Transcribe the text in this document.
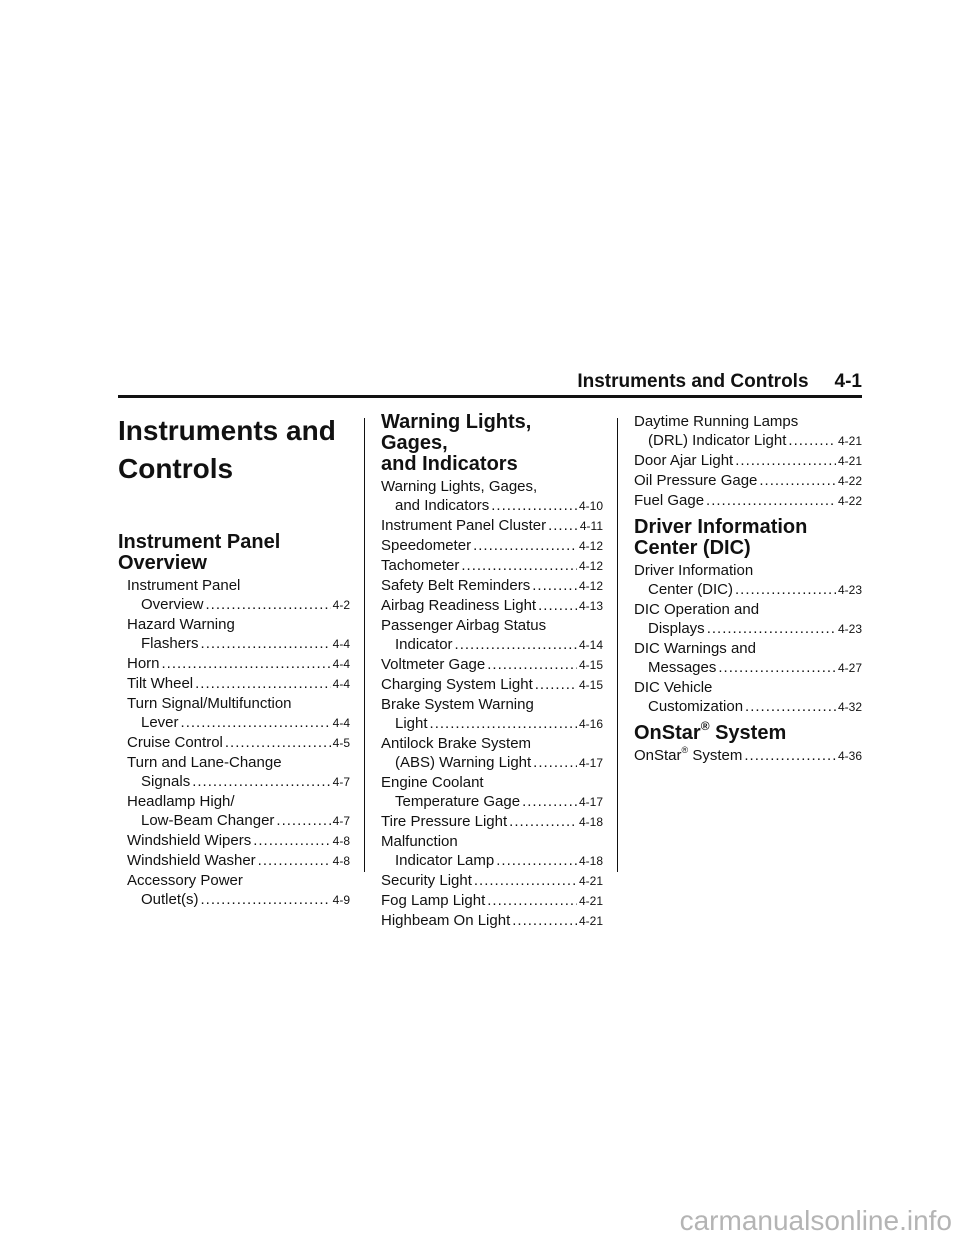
Instruments and Controls 4-1
Instruments and
Controls
Instrument Panel
Overview
Instrument Panel
Overview .....	4-2
Hazard Warning
Flashers .....	4-4
Horn .....	4-4
Tilt Wheel .....	4-4
Turn Signal/Multifunction
Lever .....	4-4
Cruise Control .....	4-5
Turn and Lane-Change
Signals .....	4-7
Headlamp High/
Low-Beam Changer .....	4-7
Windshield Wipers .....	4-8
Windshield Washer .....	4-8
Accessory Power
Outlet(s) .....	4-9
Warning Lights, Gages,
and Indicators
Warning Lights, Gages,
and Indicators .....	4-10
Instrument Panel Cluster .....	4-11
Speedometer .....	4-12
Tachometer .....	4-12
Safety Belt Reminders .....	4-12
Airbag Readiness Light .....	4-13
Passenger Airbag Status
Indicator .....	4-14
Voltmeter Gage .....	4-15
Charging System Light .....	4-15
Brake System Warning
Light .....	4-16
Antilock Brake System
(ABS) Warning Light .....	4-17
Engine Coolant
Temperature Gage .....	4-17
Tire Pressure Light .....	4-18
Malfunction
Indicator Lamp .....	4-18
Security Light .....	4-21
Fog Lamp Light .....	4-21
Highbeam On Light .....	4-21
Daytime Running Lamps
(DRL) Indicator Light .....	4-21
Door Ajar Light .....	4-21
Oil Pressure Gage .....	4-22
Fuel Gage .....	4-22
Driver Information
Center (DIC)
Driver Information
Center (DIC) .....	4-23
DIC Operation and
Displays .....	4-23
DIC Warnings and
Messages .....	4-27
DIC Vehicle
Customization .....	4-32
OnStar® System
OnStar® System .....	4-36
carmanualsonline.info
